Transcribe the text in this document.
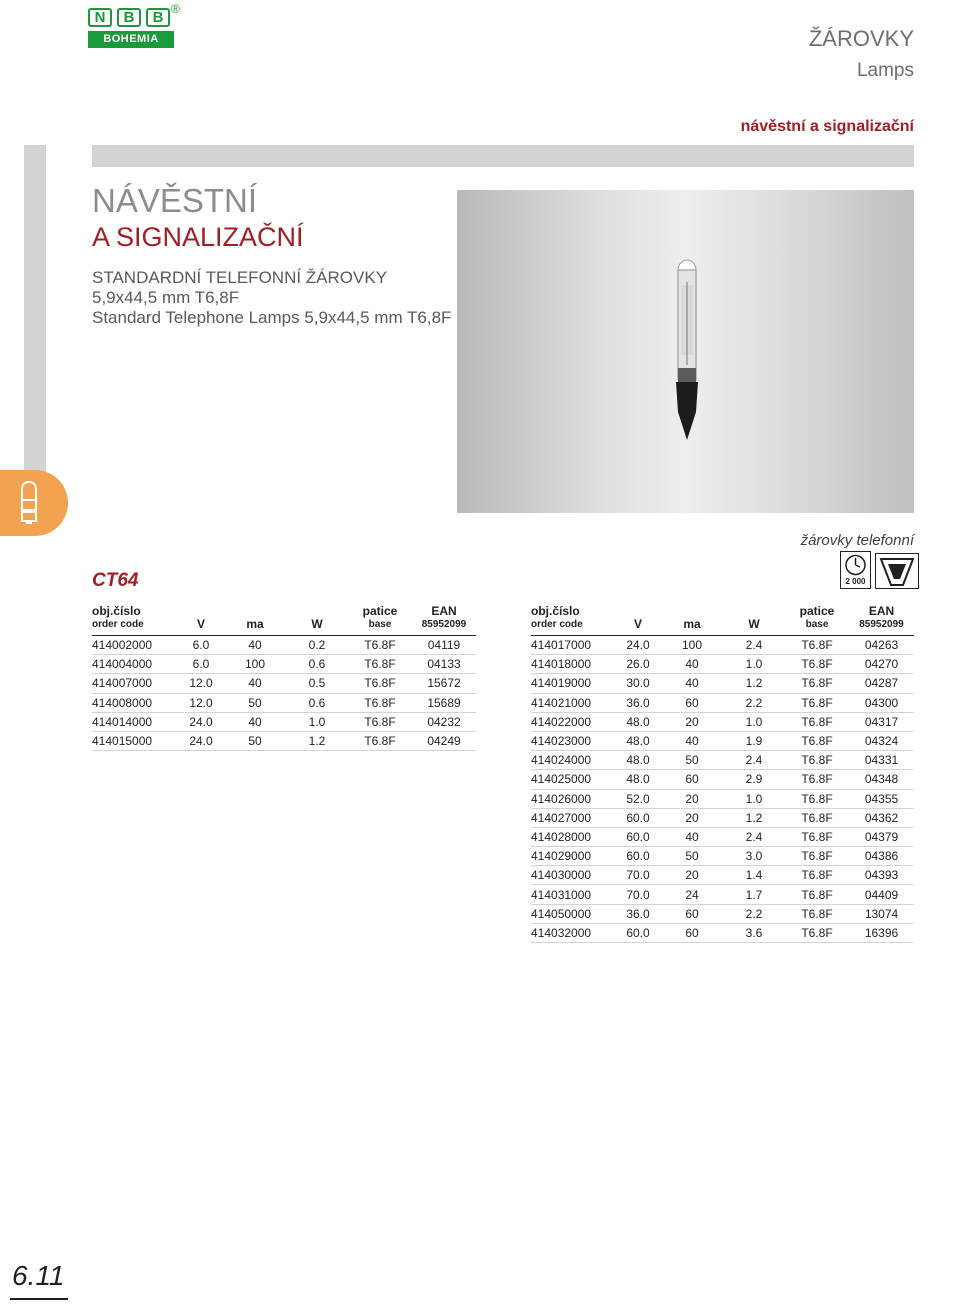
N	B	B
BOHEMIA
®
ŽÁROVKY
Lamps
návěstní a signalizační
NÁVĚSTNÍ
A SIGNALIZAČNÍ
STANDARDNÍ TELEFONNÍ ŽÁROVKY
5,9x44,5 mm T6,8F
Standard Telephone Lamps 5,9x44,5 mm T6,8F
žárovky telefonní
CT64	2 000
obj.číslo
order code	V	ma	W	patice
base	EAN
85952099

414002000	6.0	40	0.2	T6.8F	04119
414004000	6.0	100	0.6	T6.8F	04133
414007000	12.0	40	0.5	T6.8F	15672
414008000	12.0	50	0.6	T6.8F	15689
414014000	24.0	40	1.0	T6.8F	04232
414015000	24.0	50	1.2	T6.8F	04249
obj.číslo
order code	V	ma	W	patice
base	EAN
85952099

414017000	24.0	100	2.4	T6.8F	04263
414018000	26.0	40	1.0	T6.8F	04270
414019000	30.0	40	1.2	T6.8F	04287
414021000	36.0	60	2.2	T6.8F	04300
414022000	48.0	20	1.0	T6.8F	04317
414023000	48.0	40	1.9	T6.8F	04324
414024000	48.0	50	2.4	T6.8F	04331
414025000	48.0	60	2.9	T6.8F	04348
414026000	52.0	20	1.0	T6.8F	04355
414027000	60.0	20	1.2	T6.8F	04362
414028000	60.0	40	2.4	T6.8F	04379
414029000	60.0	50	3.0	T6.8F	04386
414030000	70.0	20	1.4	T6.8F	04393
414031000	70.0	24	1.7	T6.8F	04409
414050000	36.0	60	2.2	T6.8F	13074
414032000	60.0	60	3.6	T6.8F	16396
6.11
